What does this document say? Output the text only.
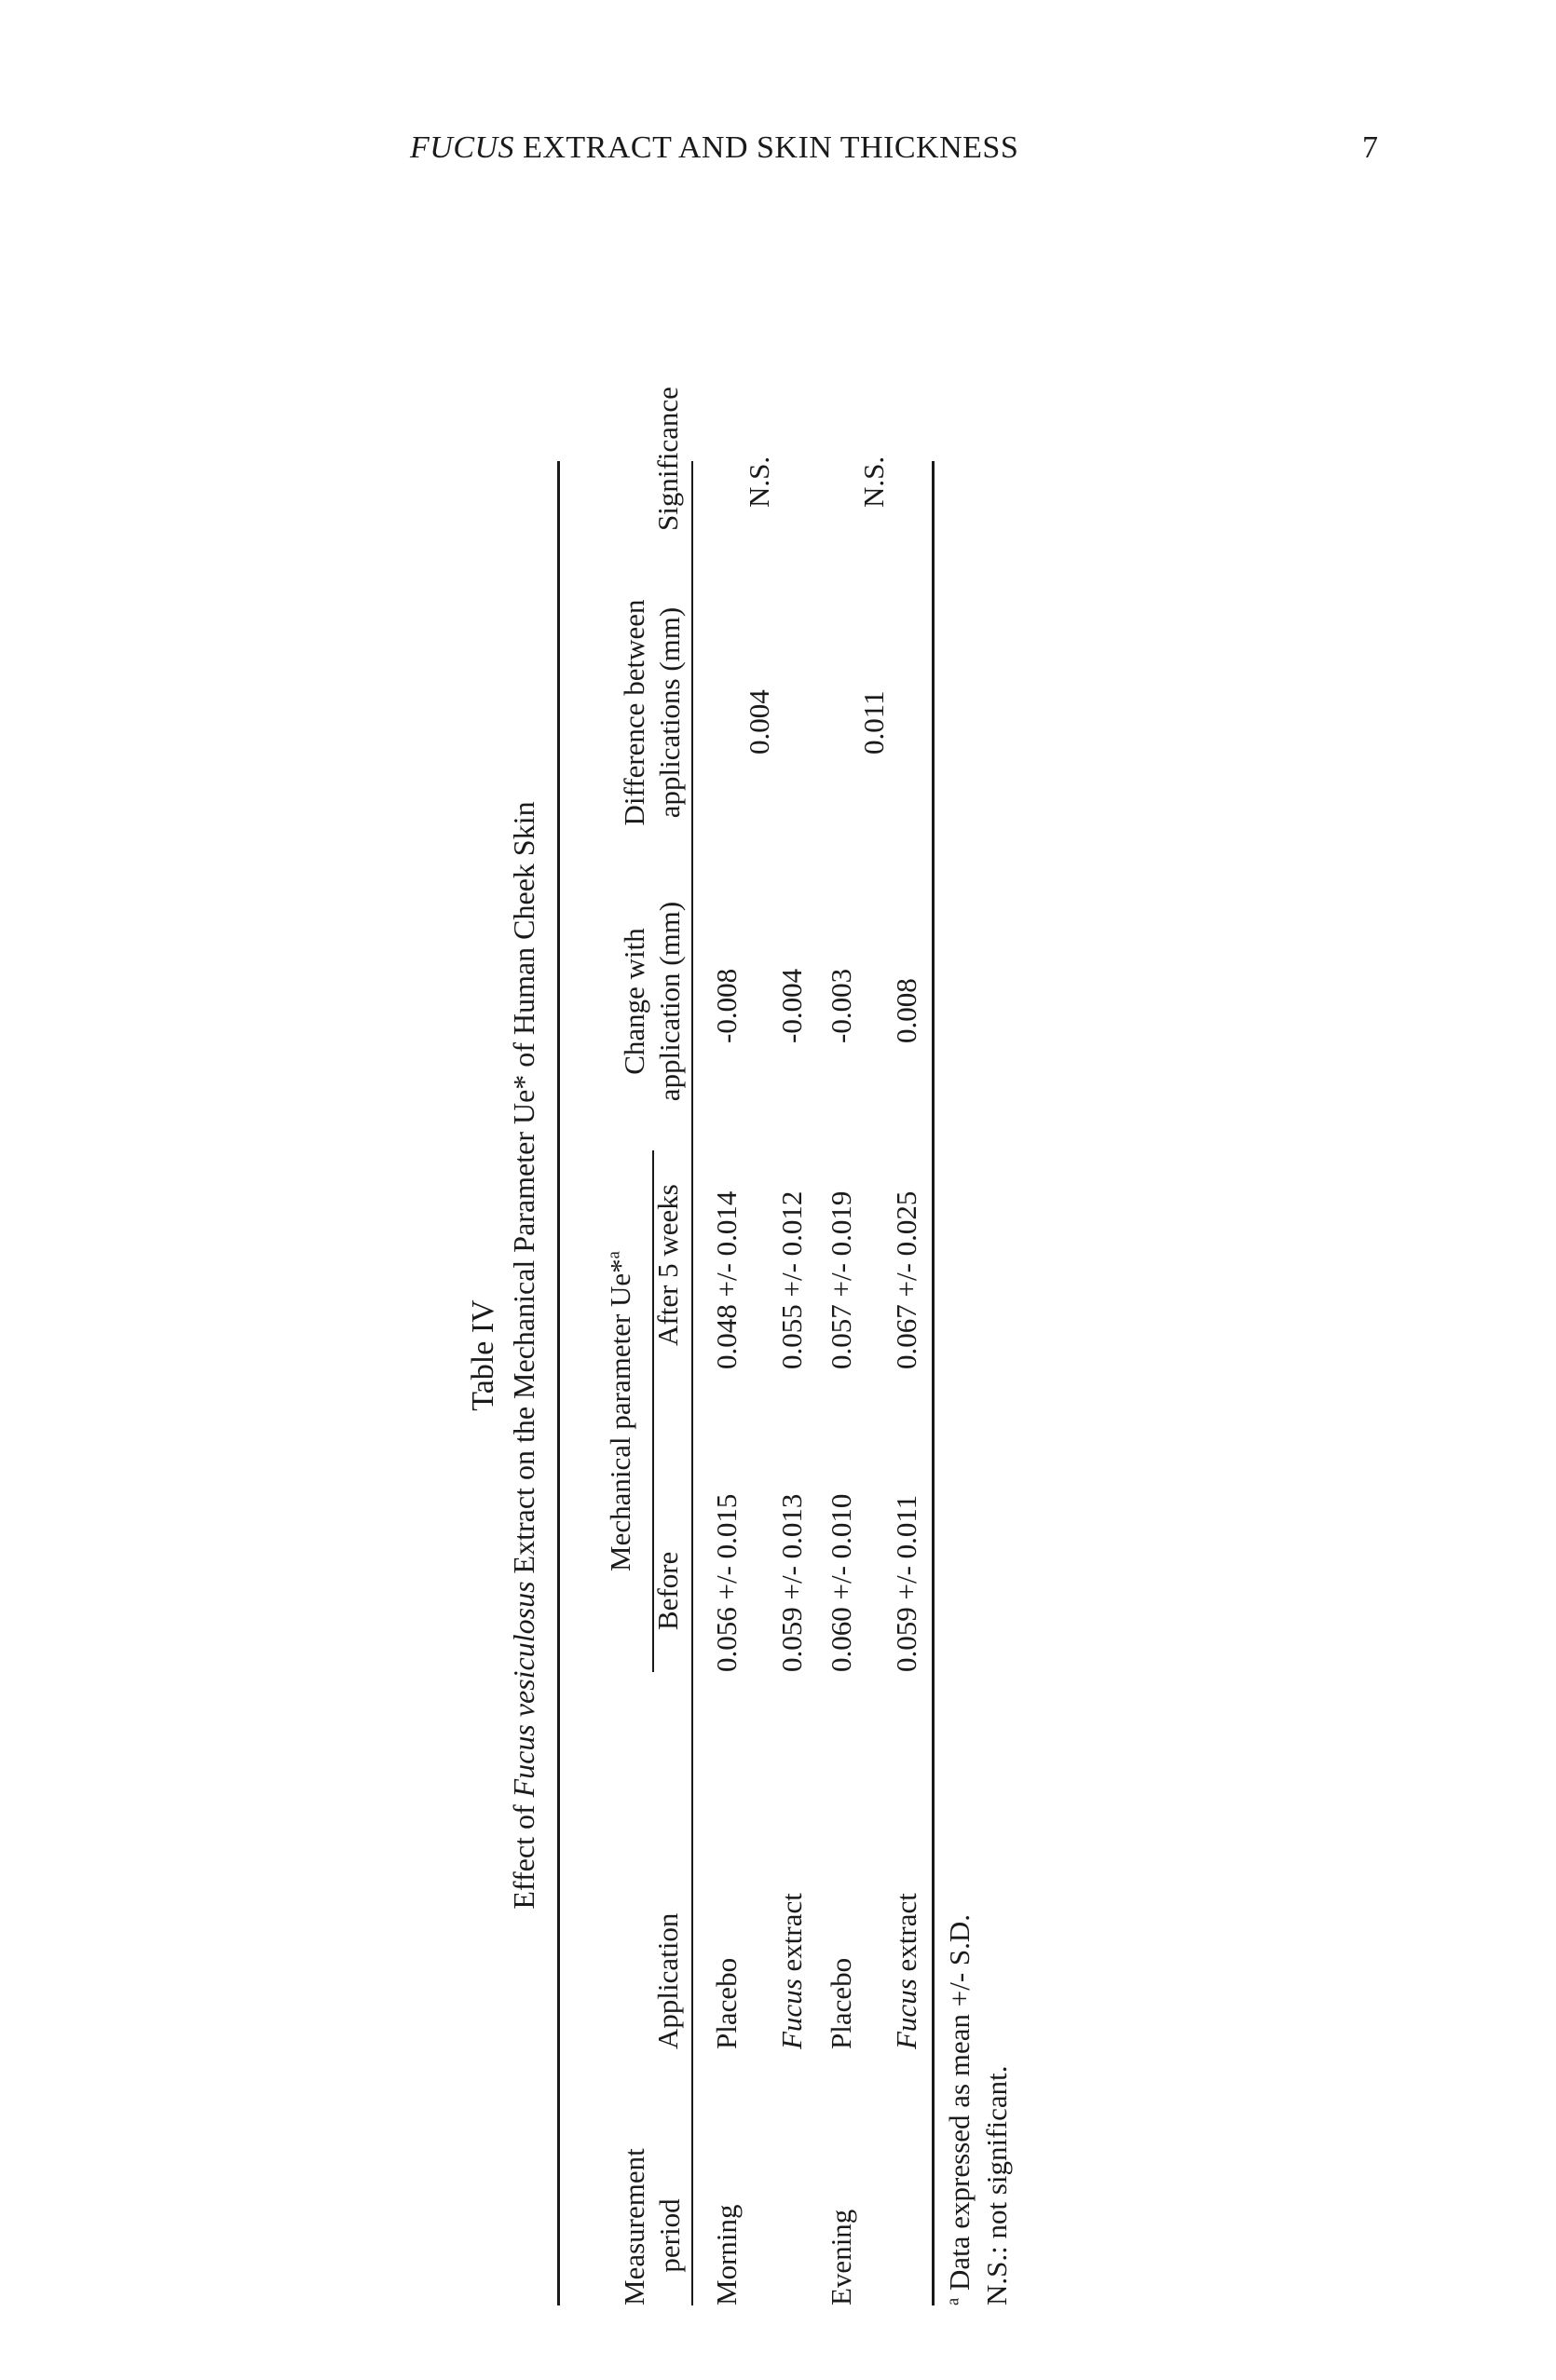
FUCUS EXTRACT AND SKIN THICKNESS	7
Table IV
Effect of Fucus vesiculosus Extract on the Mechanical Parameter Ue* of Human Cheek Skin Mechanical parameter Ue*$^a$
Measurement period
Application
Before
After 5 weeks
Change with application (mm)
Difference between applications (mm)
Significance
Morning
Placebo
0.056 +/- 0.015
0.048 +/- 0.014
-0.008
Fucus extract
0.059 +/- 0.013
0.055 +/- 0.012
-0.004
Evening
Placebo
0.060 +/- 0.010
0.057 +/- 0.019
-0.003
Fucus extract
0.059 +/- 0.011
0.067 +/- 0.025
0.008
0.004
N.S.
0.011
N.S.
$^a$ Data expressed as mean +/- S.D. N.S.: not significant.
